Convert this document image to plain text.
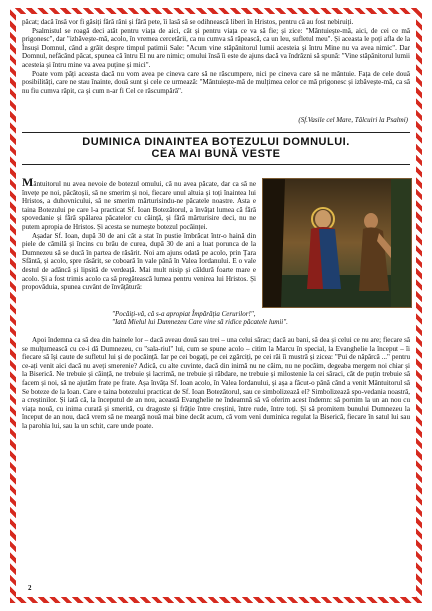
păcat; dacă însă vor fi găsiți fără răni și fără pete, îi lasă să se odihnească liberi în Hristos, pentru că au fost nebiruiți.

Psalmistul se roagă deci atât pentru viața de aici, cât și pentru viața ce va să fie; și zice: "Mântuiește-mă, aici, de cei ce mă prigonesc", dar "izbăvește-mă, acolo, în vremea cercetării, ca nu cumva să răpească, ca un leu, sufletul meu". Și aceasta le poți afla de la Însuși Domnul, când a grăit despre timpul patimii Sale: "Acum vine stăpânitorul lumii acesteia și întru Mine nu va avea nimic". Dar Domnul, nefăcând păcat, spunea că întru El nu are nimic; omului însă îi este de ajuns dacă va îndrăzni să spună: "Vine stăpânitorul lumii acesteia și întru mine va avea puține și mici".

Poate vom păți aceasta dacă nu vom avea pe cineva care să ne răscumpere, nici pe cineva care să ne mântuie. Fața de cele două posibilități, care ne stau înainte, două sunt și cele ce urmează: "Mântuiește-mă de mulțimea celor ce mă prigonesc și izbăvește-mă, ca să nu fiu cumva răpit, ca și cum n-ar fi Cel ce răscumpără".

(Sf.Vasile cel Mare, Tâlcuiri la Psalmi)
DUMINICA DINAINTEA BOTEZULUI DOMNULUI.
CEA MAI BUNĂ VESTE

Mântuitorul nu avea nevoie de botezul omului, că nu avea păcate, dar ca să ne învețe pe noi, păcătoșii, să ne smerim și noi, fiecare unul altuia și toți înaintea lui Hristos, a duhovnicului, să ne smerim mărturisindu-ne păcatele noastre. Asta e taina Botezului pe care l-a practicat Sf. Ioan Botezătorul, a învățat lumea că fără spovedanie și fără spălarea păcatelor cu căință, și fără mărturisire deci, nu ne putem apropia de Hristos. Și acesta se numește botezul pocăinței.

Așadar Sf. Ioan, după 30 de ani cât a stat în pustie îmbrăcat într-o haină din piele de cămilă și încins cu brâu de curea, după 30 de ani a luat porunca de la Dumnezeu să se ducă în partea de răsărit. Noi am ajuns odată pe acolo, prin Țara Sfântă, și acolo, spre răsărit, se coboară în vale până în Valea Iordanului. E o vale destul de adâncă și lipsită de verdeață. Mai mult nisip și căldură foarte mare e acolo. Și a fost trimis acolo ca să pregătească lumea pentru venirea lui Hristos. Și propovăduia, spunea cuvânt de învățătură:

"Pocăiți-vă, că s-a apropiat Împărăția Cerurilor!",
"Iată Mielul lui Dumnezeu Care vine să ridice păcatele lumii".

Apoi îndemna ca să dea din hainele lor – dacă aveau două sau trei – una celui sărac; dacă au bani, să dea și celui ce nu are; fiecare să se mulțumească cu ce-i dă Dumnezeu, cu "sala-riul" lui, cum se spune acolo – citim la Marcu în special, la Evanghelie la început – îi fiecare să își caute de sufletul lui și de pocăință. Iar pe cei bogați, pe cei zgârciți, pe cei răi îi mustră și zicea: "Pui de năpârcă ..." pentru ce-ați venit aici dacă nu aveți smerenie? Adică, cu alte cuvinte, dacă din inimă nu ne căim, nu ne pocăim, degeaba mergem noi chiar și la Biserică. Ne trebuie și căință, ne trebuie și lacrimă, ne trebuie și răbdare, ne trebuie și milostenie la cei săraci, căt de puțin trebuie să facem și noi, să ne ajutăm frate pe frate. Așa învăța Sf. Ioan acolo, în Valea Iordanului, și așa a făcut-o până când a venit Mântuitorul să Se boteze de la Ioan. Care e taina botezului practicat de Sf. Ioan Botezătorul, sau ce simbolizează el? Simbolizează spo-vedania noastră, a creștinilor. Și iată că, la începutul de an nou, această Evanghelie ne îndeamnă să vă oferim acest îndemn: să pornim la un an nou cu viața nouă, cu inima curată și smerită, cu dragoste și frăție între creștini, între rude, între toți. Și să promitem bunului Dumnezeu la început de an nou, dacă vrem să ne meargă nouă mai bine decât acum, că vom veni duminica regulat la Biserică, fiecare în satul lui sau la parohia lui, sau la un schit, care unde poate.

2
